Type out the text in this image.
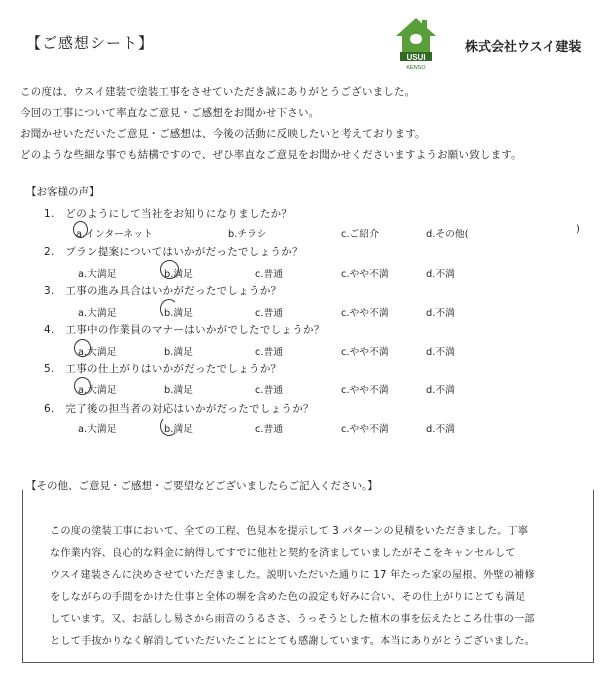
【ご感想シート】
USUI
KENSO
株式会社ウスイ建装
この度は、ウスイ建装で塗装工事をさせていただき誠にありがとうございました。
今回の工事について率直なご意見・ご感想をお聞かせ下さい。
お聞かせいただいたご意見・ご感想は、今後の活動に反映したいと考えております。
どのような些細な事でも結構ですので、ぜひ率直なご意見をお聞かせくださいますようお願い致します。
【お客様の声】
1.　どのようにして当社をお知りになりましたか？
a.インターネット	b.チラシ	c.ご紹介	d.その他(	)
2.　プラン提案についてはいかがだったでしょうか？
a.大満足	b.満足	c.普通	c.やや不満	d.不満
3.　工事の進み具合はいかがだったでしょうか？
a.大満足	b.満足	c.普通	c.やや不満	d.不満
4.　工事中の作業員のマナーはいかがでしたでしょうか？
a.大満足	b.満足	c.普通	c.やや不満	d.不満
5.　工事の仕上がりはいかがだったでしょうか？
a.大満足	b.満足	c.普通	c.やや不満	d.不満
6.　完了後の担当者の対応はいかがだったでしょうか？
a.大満足	b.満足	c.普通	c.やや不満	d.不満
【その他、ご意見・ご感想・ご要望などございましたらご記入ください。】
この度の塗装工事において、全ての工程、色見本を提示して 3 パターンの見積をいただきました。丁寧
な作業内容、良心的な料金に納得してすでに他社と契約を済ましていましたがそこをキャンセルして
ウスイ建装さんに決めさせていただきました。説明いただいた通りに 17 年たった家の屋根、外壁の補修
をしながらの手間をかけた仕事と全体の塀を含めた色の設定も好みに合い、その仕上がりにとても満足
しています。又、お話しし易さから雨音のうるささ、うっそうとした植木の事を伝えたところ仕事の一部
として手抜かりなく解消していただいたことにとても感謝しています。本当にありがとうございました。
